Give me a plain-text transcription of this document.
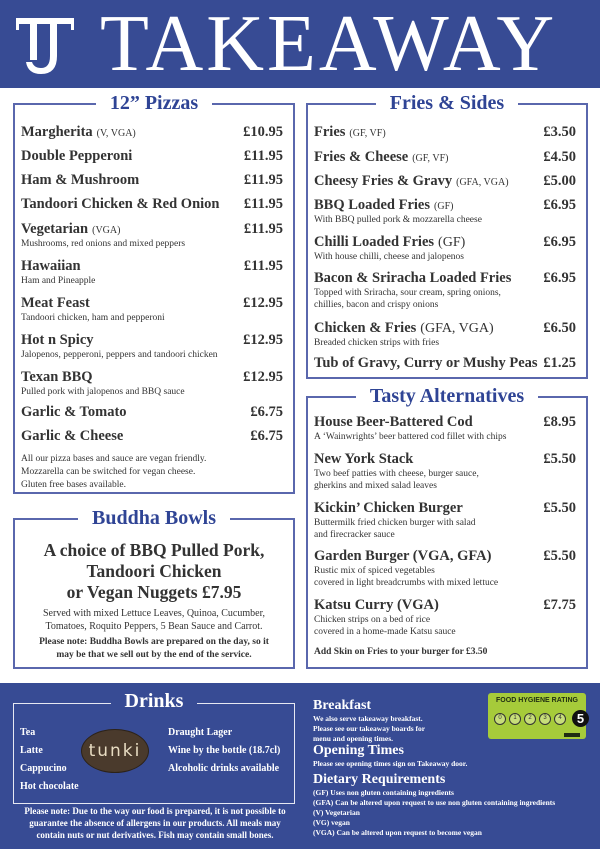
TAKEAWAY
12” Pizzas
Margherita (V, VGA)	£10.95
Double Pepperoni	£11.95
Ham & Mushroom	£11.95
Tandoori Chicken & Red Onion £11.95
Vegetarian (VGA)	£11.95
Mushrooms, red onions and mixed peppers
Hawaiian	£11.95
Ham and Pineapple
Meat Feast	£12.95
Tandoori chicken, ham and pepperoni
Hot n Spicy	£12.95
Jalopenos, pepperoni, peppers and tandoori chicken
Texan BBQ	£12.95
Pulled pork with jalopenos and BBQ sauce
Garlic & Tomato	£6.75
Garlic & Cheese	£6.75
All our pizza bases and sauce are vegan friendly.
Mozzarella can be switched for vegan cheese.
Gluten free bases available.
Fries & Sides
Fries (GF, VF)	£3.50
Fries & Cheese (GF, VF)	£4.50
Cheesy Fries & Gravy (GFA, VGA) £5.00
BBQ Loaded Fries (GF)	£6.95
With BBQ pulled pork & mozzarella cheese
Chilli Loaded Fries (GF)	£6.95
With house chilli, cheese and jalopenos
Bacon & Sriracha Loaded Fries £6.95
Topped with Sriracha, sour cream, spring onions,
chillies, bacon and crispy onions
Chicken & Fries (GFA, VGA)	£6.50
Breaded chicken strips with fries
Tub of Gravy, Curry or Mushy Peas £1.25
Tasty Alternatives
House Beer-Battered Cod	£8.95
A ‘Wainwrights’ beer battered cod fillet with chips
New York Stack	£5.50
Two beef patties with cheese, burger sauce,
gherkins and mixed salad leaves
Kickin’ Chicken Burger	£5.50
Buttermilk fried chicken burger with salad
and firecracker sauce
Garden Burger (VGA, GFA)	£5.50
Rustic mix of spiced vegetables
covered in light breadcrumbs with mixed lettuce
Katsu Curry (VGA)	£7.75
Chicken strips on a bed of rice
covered in a home-made Katsu sauce
Add Skin on Fries to your burger for £3.50
Buddha Bowls
A choice of BBQ Pulled Pork,
Tandoori Chicken
or Vegan Nuggets £7.95
Served with mixed Lettuce Leaves, Quinoa, Cucumber,
Tomatoes, Roquito Peppers, 5 Bean Sauce and Carrot.
Please note: Buddha Bowls are prepared on the day, so it
may be that we sell out by the end of the service.
Drinks
Tea
Latte
Cappucino
Hot chocolate
tunki
Draught Lager
Wine by the bottle (18.7cl)
Alcoholic drinks available
Please note: Due to the way our food is prepared, it is not possible to
guarantee the absence of allergens in our products. All meals may
contain nuts or nut derivatives. Fish may contain small bones.
Breakfast
We also serve takeaway breakfast.
Please see our takeaway boards for
menu and opening times.
Opening Times
Please see opening times sign on Takeaway door.
Dietary Requirements
(GF) Uses non gluten containing ingredients
(GFA) Can be altered upon request to use non gluten containing ingredients
(V) Vegetarian
(VG) vegan
(VGA) Can be altered upon request to become vegan
FOOD HYGIENE RATING
0	1	2	3	4	5
